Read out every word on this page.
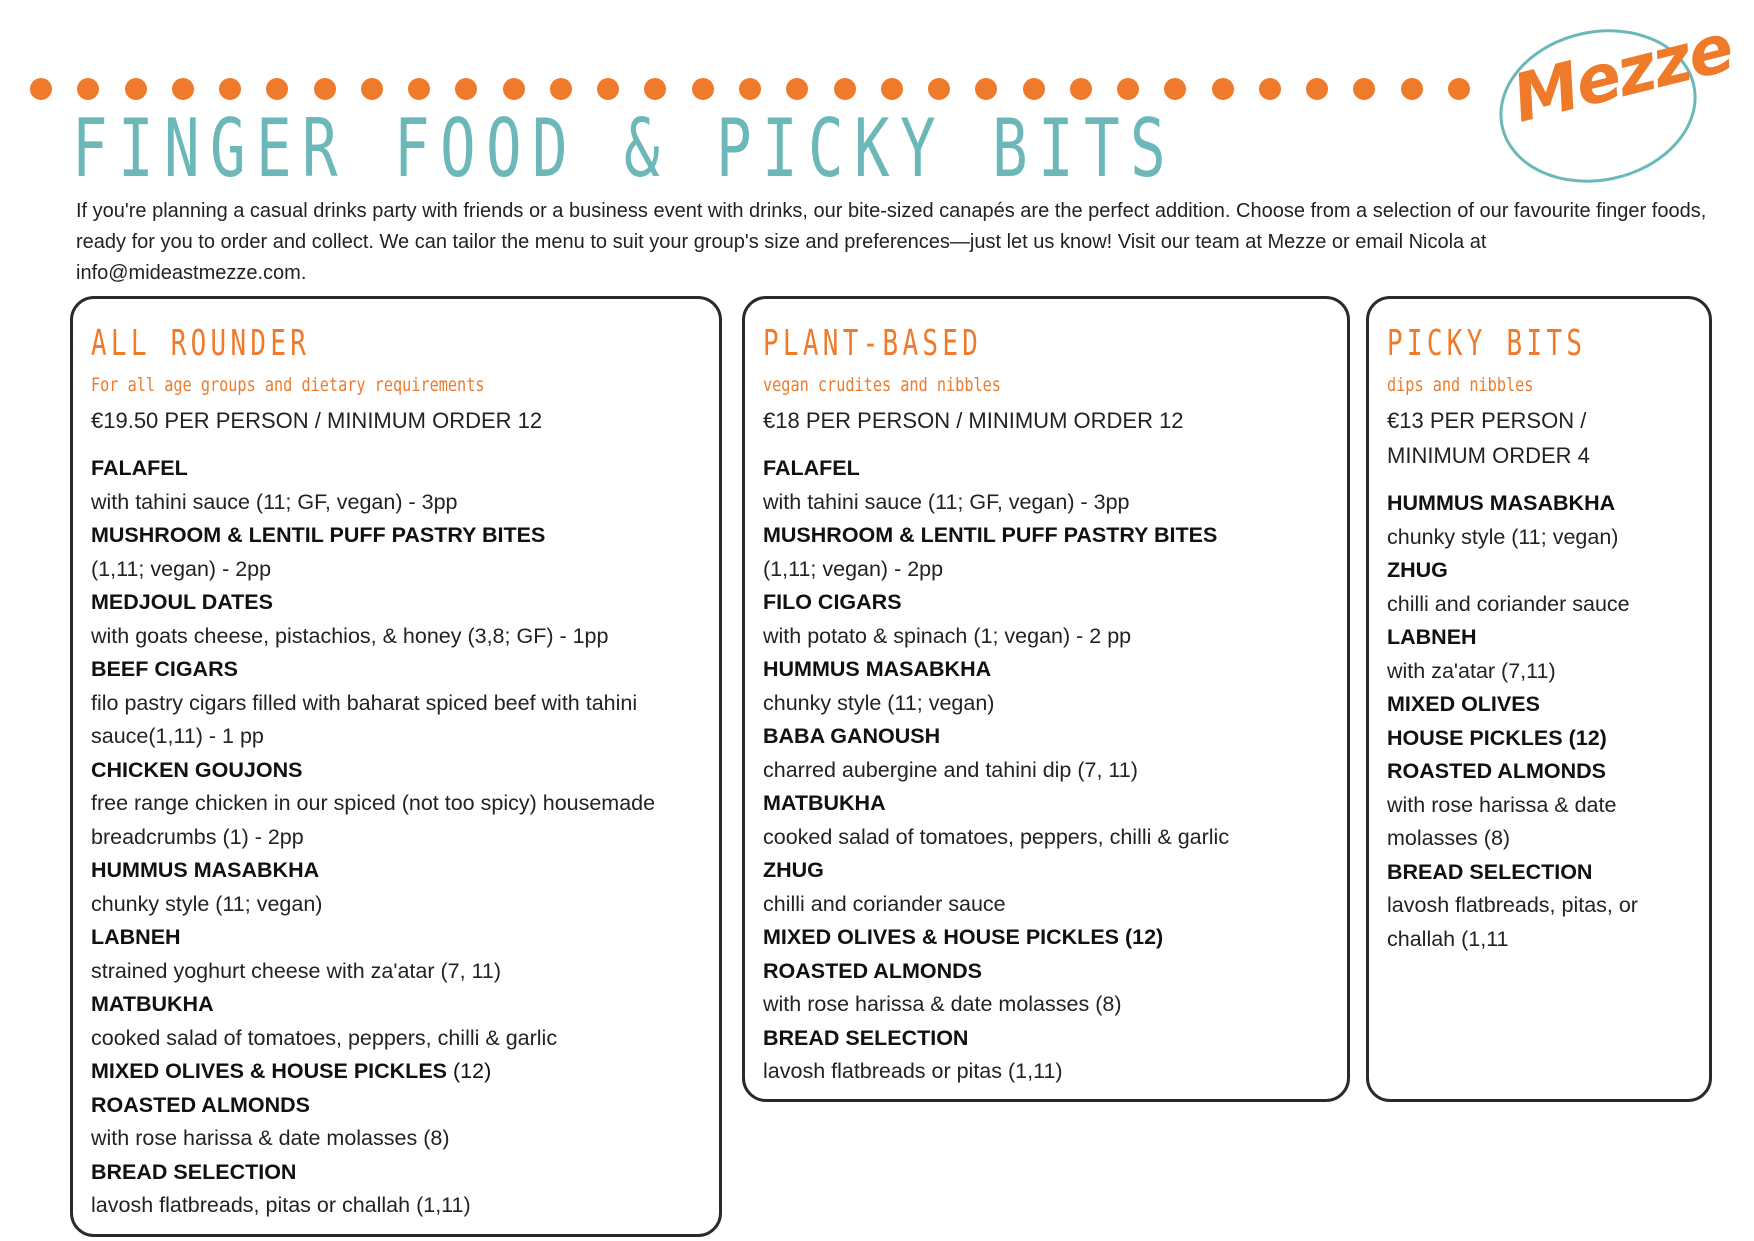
Mezze
FINGER FOOD & PICKY BITS

If you're planning a casual drinks party with friends or a business event with drinks, our bite-sized canapés are the perfect addition. Choose from a selection of our favourite finger foods, ready for you to order and collect. We can tailor the menu to suit your group's size and preferences—just let us know! Visit our team at Mezze or email Nicola at info@mideastmezze.com.

ALL ROUNDER
For all age groups and dietary requirements
€19.50 PER PERSON / MINIMUM ORDER 12
FALAFEL
with tahini sauce (11; GF, vegan) - 3pp
MUSHROOM & LENTIL PUFF PASTRY BITES
(1,11; vegan) - 2pp
MEDJOUL DATES
with goats cheese, pistachios, & honey (3,8; GF) - 1pp
BEEF CIGARS
filo pastry cigars filled with baharat spiced beef with tahini sauce(1,11) - 1 pp
CHICKEN GOUJONS
free range chicken in our spiced (not too spicy) housemade breadcrumbs (1) - 2pp
HUMMUS MASABKHA
chunky style (11; vegan)
LABNEH
strained yoghurt cheese with za'atar (7, 11)
MATBUKHA
cooked salad of tomatoes, peppers, chilli & garlic
MIXED OLIVES & HOUSE PICKLES (12)
ROASTED ALMONDS
with rose harissa & date molasses (8)
BREAD SELECTION
lavosh flatbreads, pitas or challah (1,11)
PLANT-BASED
vegan crudites and nibbles
€18 PER PERSON / MINIMUM ORDER 12
FALAFEL
with tahini sauce (11; GF, vegan) - 3pp
MUSHROOM & LENTIL PUFF PASTRY BITES
(1,11; vegan) - 2pp
FILO CIGARS
with potato & spinach (1; vegan) - 2 pp
HUMMUS MASABKHA
chunky style (11; vegan)
BABA GANOUSH
charred aubergine and tahini dip (7, 11)
MATBUKHA
cooked salad of tomatoes, peppers, chilli & garlic
ZHUG
chilli and coriander sauce
MIXED OLIVES & HOUSE PICKLES (12)
ROASTED ALMONDS
with rose harissa & date molasses (8)
BREAD SELECTION
lavosh flatbreads or pitas (1,11)
PICKY BITS
dips and nibbles
€13 PER PERSON / MINIMUM ORDER 4
HUMMUS MASABKHA
chunky style (11; vegan)
ZHUG
chilli and coriander sauce
LABNEH
with za'atar (7,11)
MIXED OLIVES
HOUSE PICKLES (12)
ROASTED ALMONDS
with rose harissa & date molasses (8)
BREAD SELECTION
lavosh flatbreads, pitas, or challah (1,11
